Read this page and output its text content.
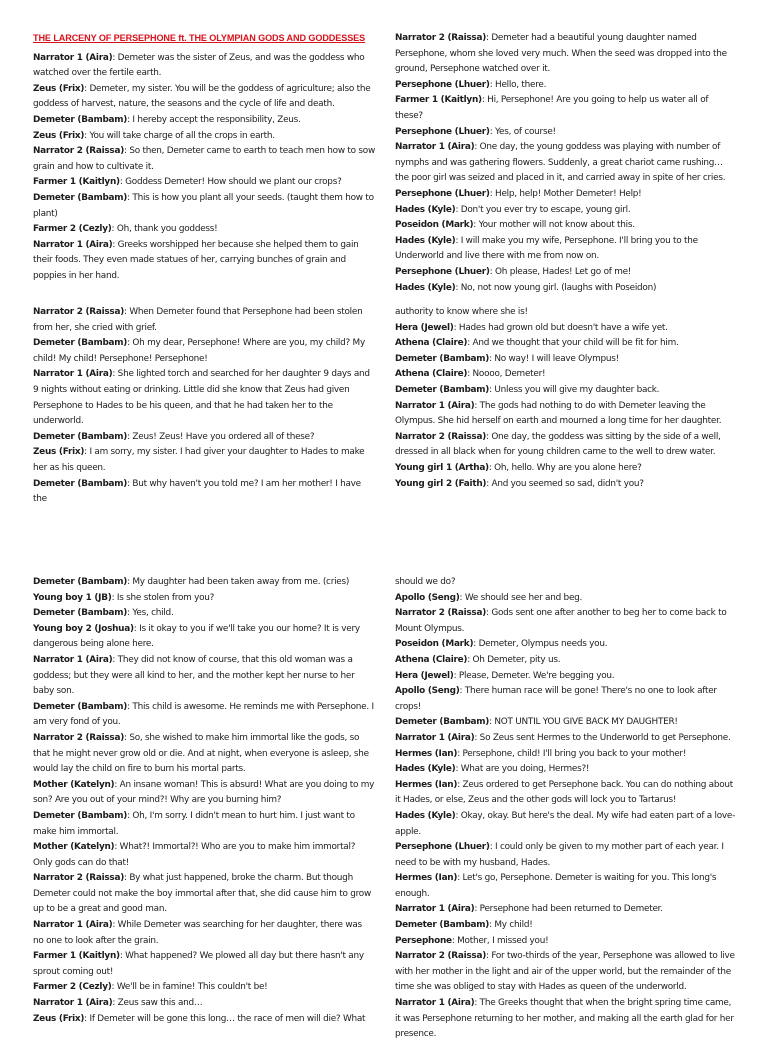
THE LARCENY OF PERSEPHONE ft. THE OLYMPIAN GODS AND GODDESSES

Narrator 1 (Aira): Demeter was the sister of Zeus, and was the goddess who watched over the fertile earth.

Zeus (Frix): Demeter, my sister. You will be the goddess of agriculture; also the goddess of harvest, nature, the seasons and the cycle of life and death.

Demeter (Bambam): I hereby accept the responsibility, Zeus.

Zeus (Frix): You will take charge of all the crops in earth.

Narrator 2 (Raissa): So then, Demeter came to earth to teach men how to sow grain and how to cultivate it.

Farmer 1 (Kaitlyn): Goddess Demeter! How should we plant our crops?

Demeter (Bambam): This is how you plant all your seeds. (taught them how to plant)

Farmer 2 (Cezly): Oh, thank you goddess!

Narrator 1 (Aira): Greeks worshipped her because she helped them to gain their foods. They even made statues of her, carrying bunches of grain and poppies in her hand.

Narrator 2 (Raissa): Demeter had a beautiful young daughter named Persephone, whom she loved very much. When the seed was dropped into the ground, Persephone watched over it.

Persephone (Lhuer): Hello, there.

Farmer 1 (Kaitlyn): Hi, Persephone! Are you going to help us water all of these?

Persephone (Lhuer): Yes, of course!

Narrator 1 (Aira): One day, the young goddess was playing with number of nymphs and was gathering flowers. Suddenly, a great chariot came rushing… the poor girl was seized and placed in it, and carried away in spite of her cries.

Persephone (Lhuer): Help, help! Mother Demeter! Help!

Hades (Kyle): Don't you ever try to escape, young girl.

Poseidon (Mark): Your mother will not know about this.

Hades (Kyle): I will make you my wife, Persephone. I'll bring you to the Underworld and live there with me from now on.

Persephone (Lhuer): Oh please, Hades! Let go of me!

Hades (Kyle): No, not now young girl. (laughs with Poseidon)

Narrator 2 (Raissa): When Demeter found that Persephone had been stolen from her, she cried with grief.

Demeter (Bambam): Oh my dear, Persephone! Where are you, my child? My child! My child! Persephone! Persephone!

Narrator 1 (Aira): She lighted torch and searched for her daughter 9 days and 9 nights without eating or drinking. Little did she know that Zeus had given Persephone to Hades to be his queen, and that he had taken her to the underworld.

Demeter (Bambam): Zeus! Zeus! Have you ordered all of these?

Zeus (Frix): I am sorry, my sister. I had giver your daughter to Hades to make her as his queen.

Demeter (Bambam): But why haven't you told me? I am her mother! I have the

authority to know where she is!

Hera (Jewel): Hades had grown old but doesn't have a wife yet.

Athena (Claire): And we thought that your child will be fit for him.

Demeter (Bambam): No way! I will leave Olympus!

Athena (Claire): Noooo, Demeter!

Demeter (Bambam): Unless you will give my daughter back.

Narrator 1 (Aira): The gods had nothing to do with Demeter leaving the Olympus. She hid herself on earth and mourned a long time for her daughter.

Narrator 2 (Raissa): One day, the goddess was sitting by the side of a well, dressed in all black when for young children came to the well to drew water.

Young girl 1 (Artha): Oh, hello. Why are you alone here?

Young girl 2 (Faith): And you seemed so sad, didn't you?

Demeter (Bambam): My daughter had been taken away from me. (cries)

Young boy 1 (JB): Is she stolen from you?

Demeter (Bambam): Yes, child.

Young boy 2 (Joshua): Is it okay to you if we'll take you our home? It is very dangerous being alone here.

Narrator 1 (Aira): They did not know of course, that this old woman was a goddess; but they were all kind to her, and the mother kept her nurse to her baby son.

Demeter (Bambam): This child is awesome. He reminds me with Persephone. I am very fond of you.

Narrator 2 (Raissa): So, she wished to make him immortal like the gods, so that he might never grow old or die. And at night, when everyone is asleep, she would lay the child on fire to burn his mortal parts.

Mother (Katelyn): An insane woman! This is absurd! What are you doing to my son? Are you out of your mind?! Why are you burning him?

Demeter (Bambam): Oh, I'm sorry. I didn't mean to hurt him. I just want to make him immortal.

Mother (Katelyn): What?! Immortal?! Who are you to make him immortal? Only gods can do that!

Narrator 2 (Raissa): By what just happened, broke the charm. But though Demeter could not make the boy immortal after that, she did cause him to grow up to be a great and good man.

Narrator 1 (Aira): While Demeter was searching for her daughter, there was no one to look after the grain.

Farmer 1 (Kaitlyn): What happened? We plowed all day but there hasn't any sprout coming out!

Farmer 2 (Cezly): We'll be in famine! This couldn't be!

Narrator 1 (Aira): Zeus saw this and…

Zeus (Frix): If Demeter will be gone this long… the race of men will die? What

should we do?

Apollo (Seng): We should see her and beg.

Narrator 2 (Raissa): Gods sent one after another to beg her to come back to Mount Olympus.

Poseidon (Mark): Demeter, Olympus needs you.

Athena (Claire): Oh Demeter, pity us.

Hera (Jewel): Please, Demeter. We're begging you.

Apollo (Seng): There human race will be gone! There's no one to look after crops!

Demeter (Bambam): NOT UNTIL YOU GIVE BACK MY DAUGHTER!

Narrator 1 (Aira): So Zeus sent Hermes to the Underworld to get Persephone.

Hermes (Ian): Persephone, child! I'll bring you back to your mother!

Hades (Kyle): What are you doing, Hermes?!

Hermes (Ian): Zeus ordered to get Persephone back. You can do nothing about it Hades, or else, Zeus and the other gods will lock you to Tartarus!

Hades (Kyle): Okay, okay. But here's the deal. My wife had eaten part of a love-apple.

Persephone (Lhuer): I could only be given to my mother part of each year. I need to be with my husband, Hades.

Hermes (Ian): Let's go, Persephone. Demeter is waiting for you. This long's enough.

Narrator 1 (Aira): Persephone had been returned to Demeter.

Demeter (Bambam): My child!

Persephone: Mother, I missed you!

Narrator 2 (Raissa): For two-thirds of the year, Persephone was allowed to live with her mother in the light and air of the upper world, but the remainder of the time she was obliged to stay with Hades as queen of the underworld.

Narrator 1 (Aira): The Greeks thought that when the bright spring time came, it was Persephone returning to her mother, and making all the earth glad for her presence.
